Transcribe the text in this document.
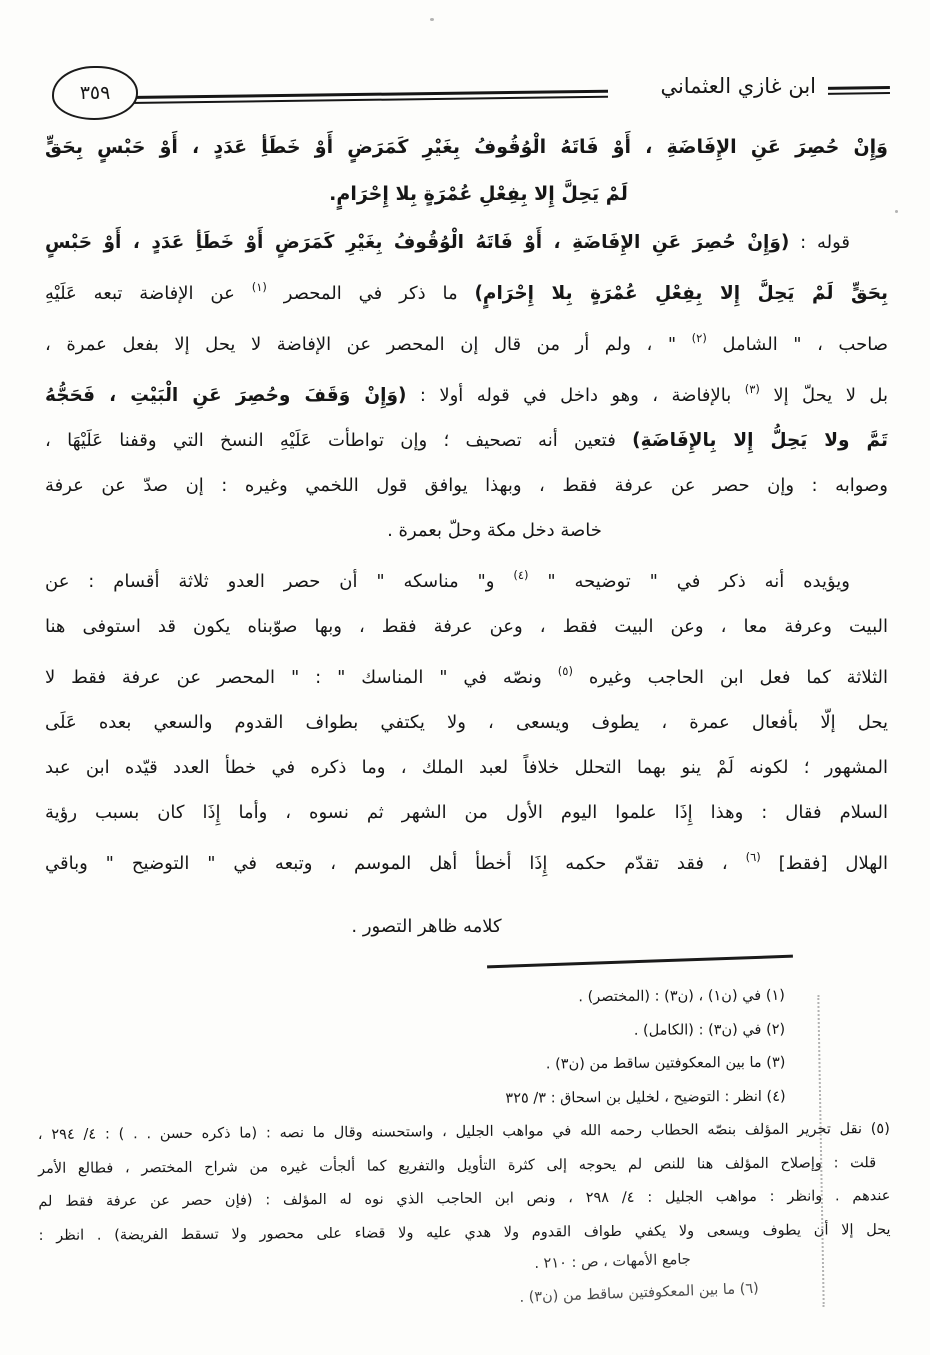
٣٥٩	ابن غازي العثماني
وَإِنْ حُصِرَ عَنِ الإِفَاضَةِ ، أَوْ فَاتَهُ الْوُقُوفُ بِغَيْرِ كَمَرَضٍ أَوْ خَطَأِ عَدَدٍ ، أَوْ حَبْسٍ بِحَقٍّ
لَمْ يَحِلَّ إِلا بِفِعْلِ عُمْرَةٍ بِلا إِحْرَامٍ.
قوله : (وَإِنْ حُصِرَ عَنِ الإِفَاضَةِ ، أَوْ فَاتَهُ الْوُقُوفُ بِغَيْرِ كَمَرَضٍ أَوْ خَطَأِ عَدَدٍ ، أَوْ حَبْسٍ
بِحَقٍّ لَمْ يَحِلَّ إِلا بِفِعْلِ عُمْرَةٍ بِلا إِحْرَامٍ) ما ذكر في المحصر $^{(١)}$ عن الإفاضة تبعه عَلَيْهِ
صاحب ، " الشامل $^{(٢)}$ " ، ولم أر من قال إن المحصر عن الإفاضة لا يحل إلا بفعل عمرة ،
بل لا يحلّ إلا $^{(٣)}$ بالإفاضة ، وهو داخل في قوله أولا : (وَإِنْ وَقَفَ وحُصِرَ عَنِ الْبَيْتِ ، فَحَجُّهُ
تَمَّ ولا يَحِلُّ إِلا بِالإِفَاضَةِ) فتعين أنه تصحيف ؛ وإن تواطأت عَلَيْهِ النسخ التي وقفنا عَلَيْهَا ،
وصوابه : وإن حصر عن عرفة فقط ، وبهذا يوافق قول اللخمي وغيره : إن صدّ عن عرفة
خاصة دخل مكة وحلّ بعمرة .
ويؤيده أنه ذكر في " توضيحه " $^{(٤)}$ و" مناسكه " أن حصر العدو ثلاثة أقسام : عن
البيت وعرفة معا ، وعن البيت فقط ، وعن عرفة فقط ، وبها صوّبناه يكون قد استوفى هنا
الثلاثة كما فعل ابن الحاجب وغيره $^{(٥)}$ ونصّه في " المناسك " : " المحصر عن عرفة فقط لا
يحل إلّا بأفعال عمرة ، يطوف ويسعى ، ولا يكتفي بطواف القدوم والسعي بعده عَلَى
المشهور ؛ لكونه لَمْ ينو بهما التحلل خلافاً لعبد الملك ، وما ذكره في خطأ العدد قيّده ابن عبد
السلام فقال : وهذا إِذَا علموا اليوم الأول من الشهر ثم نسوه ، وأما إِذَا كان بسبب رؤية
الهلال [فقط] $^{(٦)}$ ، فقد تقدّم حكمه إِذَا أخطأ أهل الموسم ، وتبعه في " التوضيح " وباقي
كلامه ظاهر التصور .
(١) في (ن١) ، (ن٣) : (المختصر) .
(٢) في (ن٣) : (الكامل) .
(٣) ما بين المعكوفتين ساقط من (ن٣) .
(٤) انظر : التوضيح ، لخليل بن اسحاق : ٣/ ٣٢٥
(٥) نقل تحرير المؤلف بنصّه الحطاب رحمه الله في مواهب الجليل ، واستحسنه وقال ما نصه : (ما ذكره حسن . . ) : ٤/ ٢٩٤ ،
قلت : وإصلاح المؤلف هنا للنص لم يحوجه إلى كثرة التأويل والتفريع كما ألجأت غيره من شراح المختصر ، فطالع الأمر
عندهم . وانظر : مواهب الجليل : ٤/ ٢٩٨ ، ونص ابن الحاجب الذي نوه له المؤلف : (فإن حصر عن عرفة فقط لم
يحل إلا أن يطوف ويسعى ولا يكفي طواف القدوم ولا هدي عليه ولا قضاء على محصور ولا تسقط الفريضة) . انظر :
جامع الأمهات ، ص : ٢١٠ .
(٦) ما بين المعكوفتين ساقط من (ن٣) .
